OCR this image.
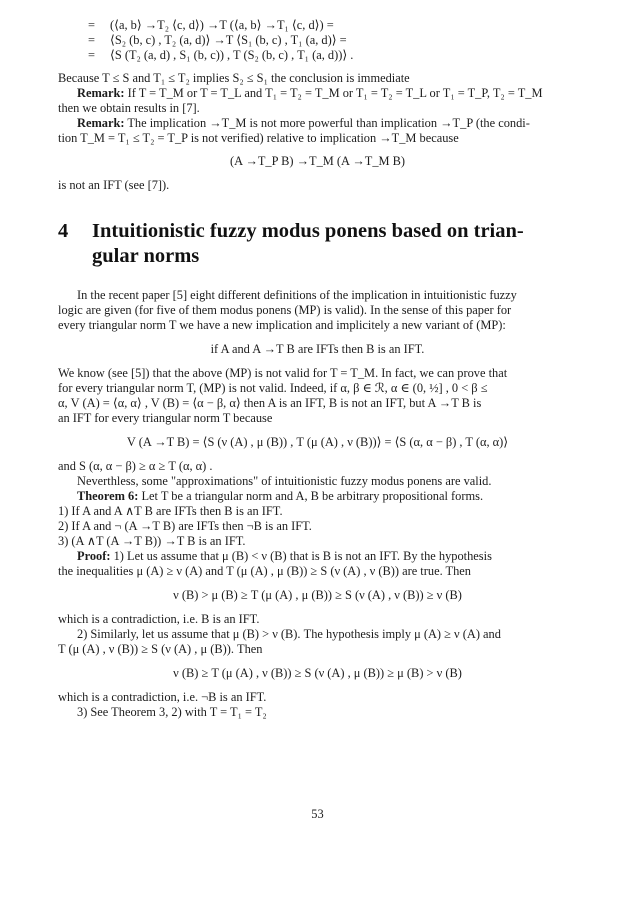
= (⟨a, b⟩ →T₂ ⟨c, d⟩) →T (⟨a, b⟩ →T₁ ⟨c, d⟩) =
= ⟨S₂ (b, c) , T₂ (a, d)⟩ →T ⟨S₁ (b, c) , T₁ (a, d)⟩ =
= ⟨S (T₂ (a, d) , S₁ (b, c)) , T (S₂ (b, c) , T₁ (a, d))⟩ .
Because T ≤ S and T₁ ≤ T₂ implies S₂ ≤ S₁ the conclusion is immediate
Remark: If T = T_M or T = T_L and T₁ = T₂ = T_M or T₁ = T₂ = T_L or T₁ = T_P, T₂ = T_M
then we obtain results in [7].
Remark: The implication →T_M is not more powerful than implication →T_P (the condi-
tion T_M = T₁ ≤ T₂ = T_P is not verified) relative to implication →T_M because
(A →T_P B) →T_M (A →T_M B)
is not an IFT (see [7]).
4 Intuitionistic fuzzy modus ponens based on trian-
gular norms
In the recent paper [5] eight different definitions of the implication in intuitionistic fuzzy
logic are given (for five of them modus ponens (MP) is valid). In the sense of this paper for
every triangular norm T we have a new implication and implicitely a new variant of (MP):
if A and A →T B are IFTs then B is an IFT.
We know (see [5]) that the above (MP) is not valid for T = T_M. In fact, we can prove that
for every triangular norm T, (MP) is not valid. Indeed, if α, β ∈ ℛ, α ∈ (0, ½] , 0 < β ≤
α, V (A) = ⟨α, α⟩ , V (B) = ⟨α − β, α⟩ then A is an IFT, B is not an IFT, but A →T B is
an IFT for every triangular norm T because
V (A →T B) = ⟨S (ν (A) , μ (B)) , T (μ (A) , ν (B))⟩ = ⟨S (α, α − β) , T (α, α)⟩
and S (α, α − β) ≥ α ≥ T (α, α) .
Neverthless, some "approximations" of intuitionistic fuzzy modus ponens are valid.
Theorem 6: Let T be a triangular norm and A, B be arbitrary propositional forms.
1) If A and A ∧T B are IFTs then B is an IFT.
2) If A and ¬ (A →T B) are IFTs then ¬B is an IFT.
3) (A ∧T (A →T B)) →T B is an IFT.
Proof: 1) Let us assume that μ (B) < ν (B) that is B is not an IFT. By the hypothesis
the inequalities μ (A) ≥ ν (A) and T (μ (A) , μ (B)) ≥ S (ν (A) , ν (B)) are true. Then
ν (B) > μ (B) ≥ T (μ (A) , μ (B)) ≥ S (ν (A) , ν (B)) ≥ ν (B)
which is a contradiction, i.e. B is an IFT.
2) Similarly, let us assume that μ (B) > ν (B). The hypothesis imply μ (A) ≥ ν (A) and
T (μ (A) , ν (B)) ≥ S (ν (A) , μ (B)). Then
ν (B) ≥ T (μ (A) , ν (B)) ≥ S (ν (A) , μ (B)) ≥ μ (B) > ν (B)
which is a contradiction, i.e. ¬B is an IFT.
3) See Theorem 3, 2) with T = T₁ = T₂
53
